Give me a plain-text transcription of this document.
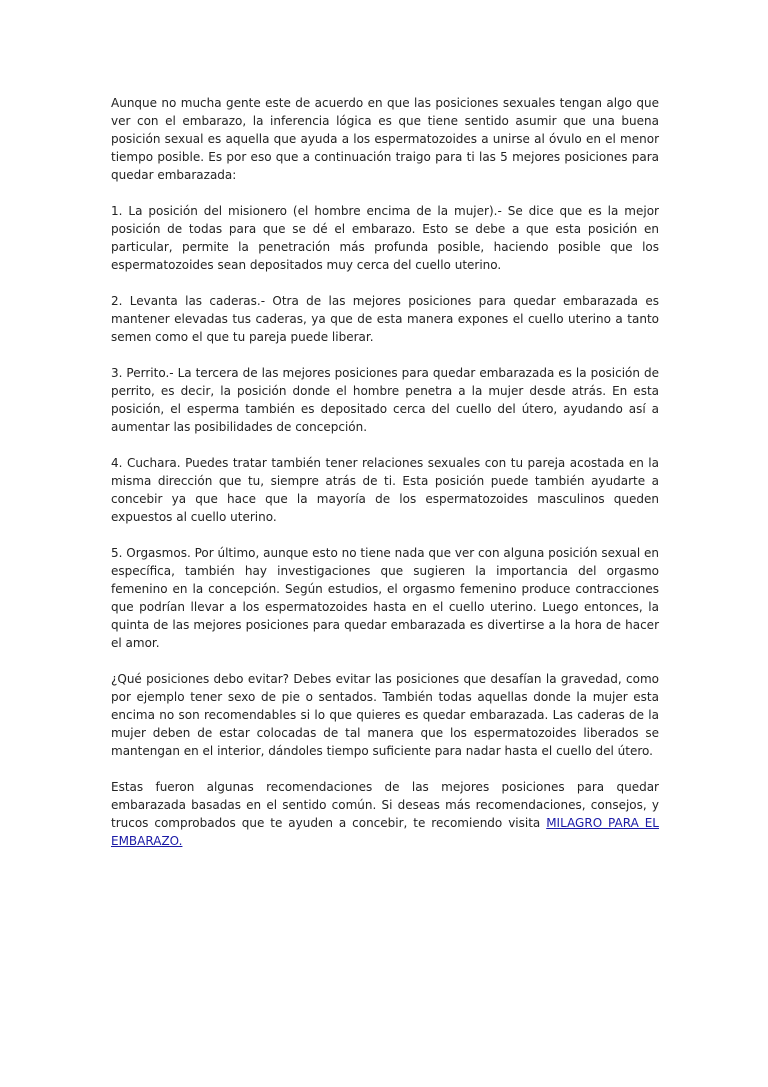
Aunque no mucha gente este de acuerdo en que las posiciones sexuales tengan algo que ver con el embarazo, la inferencia lógica es que tiene sentido asumir que una buena posición sexual es aquella que ayuda a los espermatozoides a unirse al óvulo en el menor tiempo posible. Es por eso que a continuación traigo para ti las 5 mejores posiciones para quedar embarazada:

1. La posición del misionero (el hombre encima de la mujer).- Se dice que es la mejor posición de todas para que se dé el embarazo. Esto se debe a que esta posición en particular, permite la penetración más profunda posible, haciendo posible que los espermatozoides sean depositados muy cerca del cuello uterino.

2. Levanta las caderas.- Otra de las mejores posiciones para quedar embarazada es mantener elevadas tus caderas, ya que de esta manera expones el cuello uterino a tanto semen como el que tu pareja puede liberar.

3. Perrito.- La tercera de las mejores posiciones para quedar embarazada es la posición de perrito, es decir, la posición donde el hombre penetra a la mujer desde atrás. En esta posición, el esperma también es depositado cerca del cuello del útero, ayudando así a aumentar las posibilidades de concepción.

4. Cuchara. Puedes tratar también tener relaciones sexuales con tu pareja acostada en la misma dirección que tu, siempre atrás de ti. Esta posición puede también ayudarte a concebir ya que hace que la mayoría de los espermatozoides masculinos queden expuestos al cuello uterino.

5. Orgasmos. Por último, aunque esto no tiene nada que ver con alguna posición sexual en específica, también hay investigaciones que sugieren la importancia del orgasmo femenino en la concepción. Según estudios, el orgasmo femenino produce contracciones que podrían llevar a los espermatozoides hasta en el cuello uterino. Luego entonces, la quinta de las mejores posiciones para quedar embarazada es divertirse a la hora de hacer el amor.

¿Qué posiciones debo evitar? Debes evitar las posiciones que desafían la gravedad, como por ejemplo tener sexo de pie o sentados. También todas aquellas donde la mujer esta encima no son recomendables si lo que quieres es quedar embarazada. Las caderas de la mujer deben de estar colocadas de tal manera que los espermatozoides liberados se mantengan en el interior, dándoles tiempo suficiente para nadar hasta el cuello del útero.

Estas fueron algunas recomendaciones de las mejores posiciones para quedar embarazada basadas en el sentido común. Si deseas más recomendaciones, consejos, y trucos comprobados que te ayuden a concebir, te recomiendo visita MILAGRO PARA EL EMBARAZO.
